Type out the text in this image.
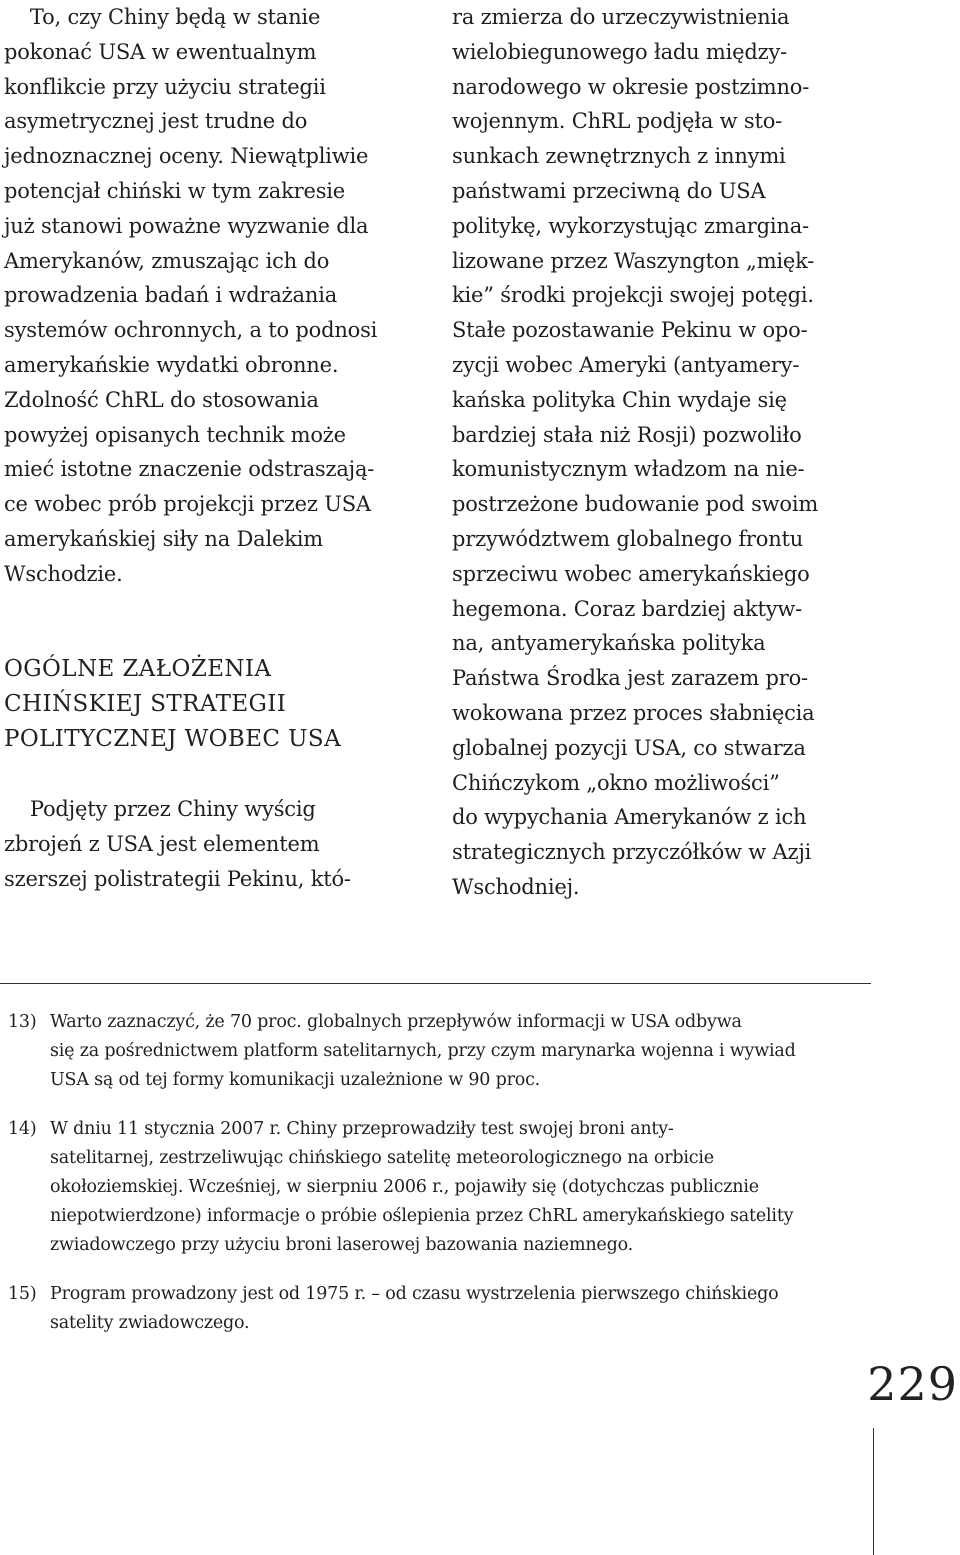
To, czy Chiny będą w stanie
pokonać USA w ewentualnym
konflikcie przy użyciu strategii
asymetrycznej jest trudne do
jednoznacznej oceny. Niewątpliwie
potencjał chiński w tym zakresie
już stanowi poważne wyzwanie dla
Amerykanów, zmuszając ich do
prowadzenia badań i wdrażania
systemów ochronnych, a to podnosi
amerykańskie wydatki obronne.
Zdolność ChRL do stosowania
powyżej opisanych technik może
mieć istotne znaczenie odstraszają-
ce wobec prób projekcji przez USA
amerykańskiej siły na Dalekim
Wschodzie.
OGÓLNE ZAŁOŻENIA
CHIŃSKIEJ STRATEGII
POLITYCZNEJ WOBEC USA
Podjęty przez Chiny wyścig
zbrojeń z USA jest elementem
szerszej polistrategii Pekinu, któ-
ra zmierza do urzeczywistnienia
wielobiegunowego ładu między-
narodowego w okresie postzimno-
wojennym. ChRL podjęła w sto-
sunkach zewnętrznych z innymi
państwami przeciwną do USA
politykę, wykorzystując zmargina-
lizowane przez Waszyngton „mięk-
kie” środki projekcji swojej potęgi.
Stałe pozostawanie Pekinu w opo-
zycji wobec Ameryki (antyamery-
kańska polityka Chin wydaje się
bardziej stała niż Rosji) pozwoliło
komunistycznym władzom na nie-
postrzeżone budowanie pod swoim
przywództwem globalnego frontu
sprzeciwu wobec amerykańskiego
hegemona. Coraz bardziej aktyw-
na, antyamerykańska polityka
Państwa Środka jest zarazem pro-
wokowana przez proces słabnięcia
globalnej pozycji USA, co stwarza
Chińczykom „okno możliwości”
do wypychania Amerykanów z ich
strategicznych przyczółków w Azji
Wschodniej.
13) Warto zaznaczyć, że 70 proc. globalnych przepływów informacji w USA odbywa
się za pośrednictwem platform satelitarnych, przy czym marynarka wojenna i wywiad
USA są od tej formy komunikacji uzależnione w 90 proc.
14) W dniu 11 stycznia 2007 r. Chiny przeprowadziły test swojej broni anty-
satelitarnej, zestrzeliwując chińskiego satelitę meteorologicznego na orbicie
okołoziemskiej. Wcześniej, w sierpniu 2006 r., pojawiły się (dotychczas publicznie
niepotwierdzone) informacje o próbie oślepienia przez ChRL amerykańskiego satelity
zwiadowczego przy użyciu broni laserowej bazowania naziemnego.
15) Program prowadzony jest od 1975 r. – od czasu wystrzelenia pierwszego chińskiego
satelity zwiadowczego.
229
